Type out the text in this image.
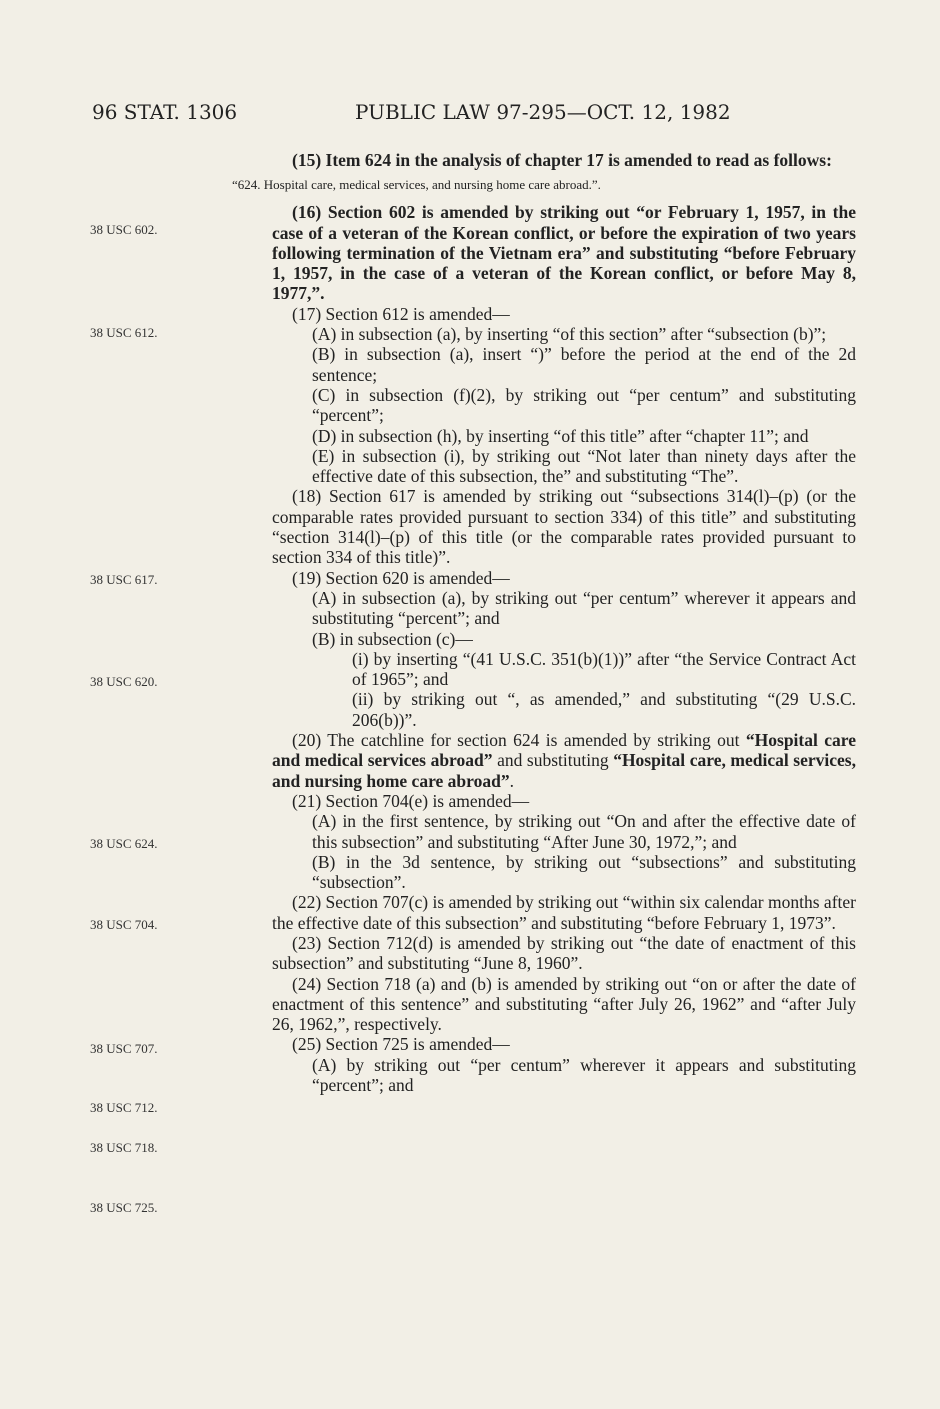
96 STAT. 1306	PUBLIC LAW 97-295—OCT. 12, 1982
38 USC 602.
38 USC 612.
38 USC 617.
38 USC 620.
38 USC 624.
38 USC 704.
38 USC 707.
38 USC 712.
38 USC 718.
38 USC 725.

(15) Item 624 in the analysis of chapter 17 is amended to read as follows:

“624. Hospital care, medical services, and nursing home care abroad.”.

(16) Section 602 is amended by striking out “or February 1, 1957, in the case of a veteran of the Korean conflict, or before the expiration of two years following termination of the Vietnam era” and substituting “before February 1, 1957, in the case of a veteran of the Korean conflict, or before May 8, 1977,”.

(17) Section 612 is amended—

(A) in subsection (a), by inserting “of this section” after “subsection (b)”;

(B) in subsection (a), insert “)” before the period at the end of the 2d sentence;

(C) in subsection (f)(2), by striking out “per centum” and substituting “percent”;

(D) in subsection (h), by inserting “of this title” after “chapter 11”; and

(E) in subsection (i), by striking out “Not later than ninety days after the effective date of this subsection, the” and substituting “The”.

(18) Section 617 is amended by striking out “subsections 314(l)–(p) (or the comparable rates provided pursuant to section 334) of this title” and substituting “section 314(l)–(p) of this title (or the comparable rates provided pursuant to section 334 of this title)”.

(19) Section 620 is amended—

(A) in subsection (a), by striking out “per centum” wherever it appears and substituting “percent”; and

(B) in subsection (c)—

(i) by inserting “(41 U.S.C. 351(b)(1))” after “the Service Contract Act of 1965”; and

(ii) by striking out “, as amended,” and substituting “(29 U.S.C. 206(b))”.

(20) The catchline for section 624 is amended by striking out “Hospital care and medical services abroad” and substituting “Hospital care, medical services, and nursing home care abroad”.

(21) Section 704(e) is amended—

(A) in the first sentence, by striking out “On and after the effective date of this subsection” and substituting “After June 30, 1972,”; and

(B) in the 3d sentence, by striking out “subsections” and substituting “subsection”.

(22) Section 707(c) is amended by striking out “within six calendar months after the effective date of this subsection” and substituting “before February 1, 1973”.

(23) Section 712(d) is amended by striking out “the date of enactment of this subsection” and substituting “June 8, 1960”.

(24) Section 718 (a) and (b) is amended by striking out “on or after the date of enactment of this sentence” and substituting “after July 26, 1962” and “after July 26, 1962,”, respectively.

(25) Section 725 is amended—

(A) by striking out “per centum” wherever it appears and substituting “percent”; and
